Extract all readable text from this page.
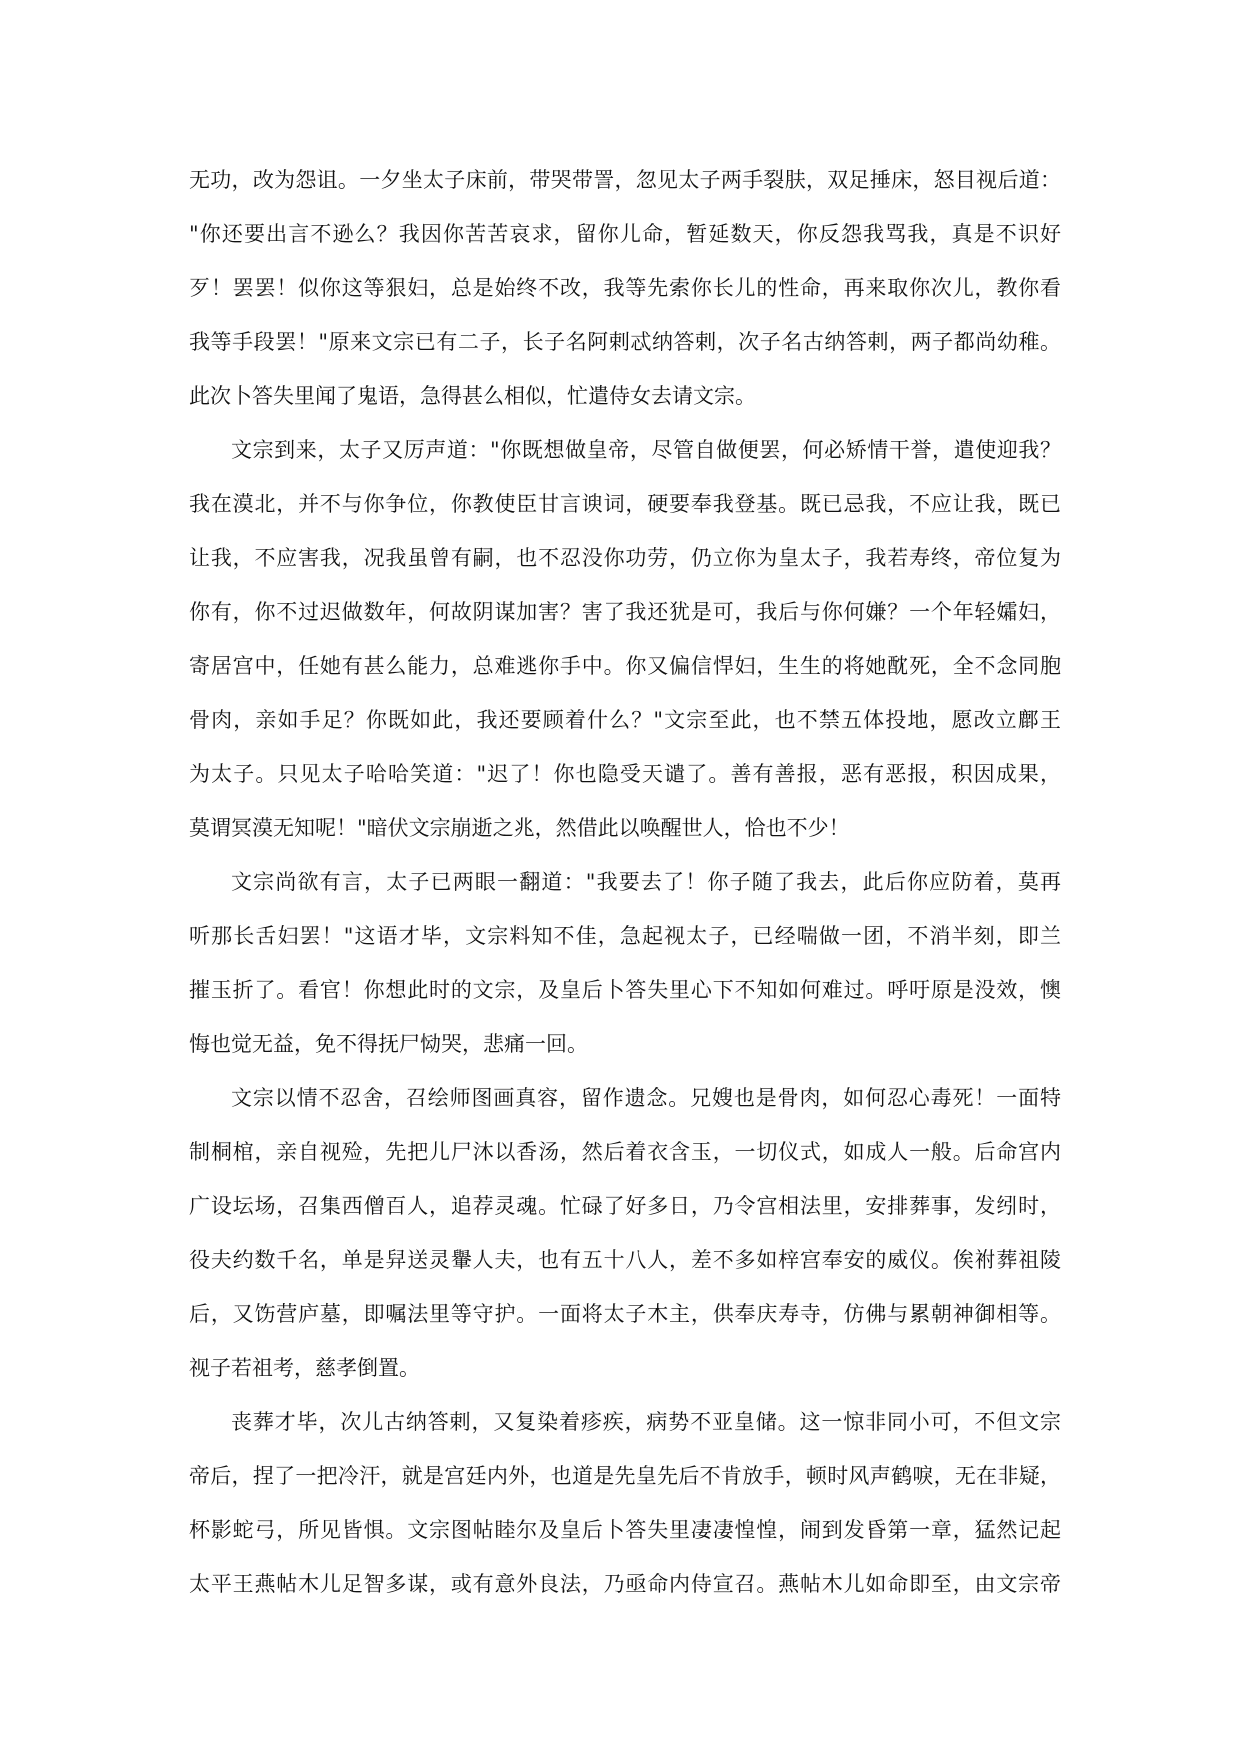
无功，改为怨诅。一夕坐太子床前，带哭带詈，忽见太子两手裂肤，双足捶床，怒目视后道：
"你还要出言不逊么？我因你苦苦哀求，留你儿命，暂延数天，你反怨我骂我，真是不识好
歹！罢罢！似你这等狠妇，总是始终不改，我等先索你长儿的性命，再来取你次儿，教你看
我等手段罢！"原来文宗已有二子，长子名阿剌忒纳答剌，次子名古纳答剌，两子都尚幼稚。
此次卜答失里闻了鬼语，急得甚么相似，忙遣侍女去请文宗。
文宗到来，太子又厉声道："你既想做皇帝，尽管自做便罢，何必矫情干誉，遣使迎我？
我在漠北，并不与你争位，你教使臣甘言谀词，硬要奉我登基。既已忌我，不应让我，既已
让我，不应害我，况我虽曾有嗣，也不忍没你功劳，仍立你为皇太子，我若寿终，帝位复为
你有，你不过迟做数年，何故阴谋加害？害了我还犹是可，我后与你何嫌？一个年轻孀妇，
寄居宫中，任她有甚么能力，总难逃你手中。你又偏信悍妇，生生的将她酖死，全不念同胞
骨肉，亲如手足？你既如此，我还要顾着什么？"文宗至此，也不禁五体投地，愿改立鄜王
为太子。只见太子哈哈笑道："迟了！你也隐受天谴了。善有善报，恶有恶报，积因成果，
莫谓冥漠无知呢！"暗伏文宗崩逝之兆，然借此以唤醒世人，恰也不少！
文宗尚欲有言，太子已两眼一翻道："我要去了！你子随了我去，此后你应防着，莫再
听那长舌妇罢！"这语才毕，文宗料知不佳，急起视太子，已经喘做一团，不消半刻，即兰
摧玉折了。看官！你想此时的文宗，及皇后卜答失里心下不知如何难过。呼吁原是没效，懊
悔也觉无益，免不得抚尸恸哭，悲痛一回。
文宗以情不忍舍，召绘师图画真容，留作遗念。兄嫂也是骨肉，如何忍心毒死！一面特
制桐棺，亲自视殓，先把儿尸沐以香汤，然后着衣含玉，一切仪式，如成人一般。后命宫内
广设坛场，召集西僧百人，追荐灵魂。忙碌了好多日，乃令宫相法里，安排葬事，发纼时，
役夫约数千名，单是舁送灵轝人夫，也有五十八人，差不多如梓宫奉安的威仪。俟祔葬祖陵
后，又饬营庐墓，即嘱法里等守护。一面将太子木主，供奉庆寿寺，仿佛与累朝神御相等。
视子若祖考，慈孝倒置。
丧葬才毕，次儿古纳答剌，又复染着疹疾，病势不亚皇储。这一惊非同小可，不但文宗
帝后，捏了一把冷汗，就是宫廷内外，也道是先皇先后不肯放手，顿时风声鹤唳，无在非疑，
杯影蛇弓，所见皆惧。文宗图帖睦尔及皇后卜答失里凄凄惶惶，闹到发昏第一章，猛然记起
太平王燕帖木儿足智多谋，或有意外良法，乃亟命内侍宣召。燕帖木儿如命即至，由文宗帝
